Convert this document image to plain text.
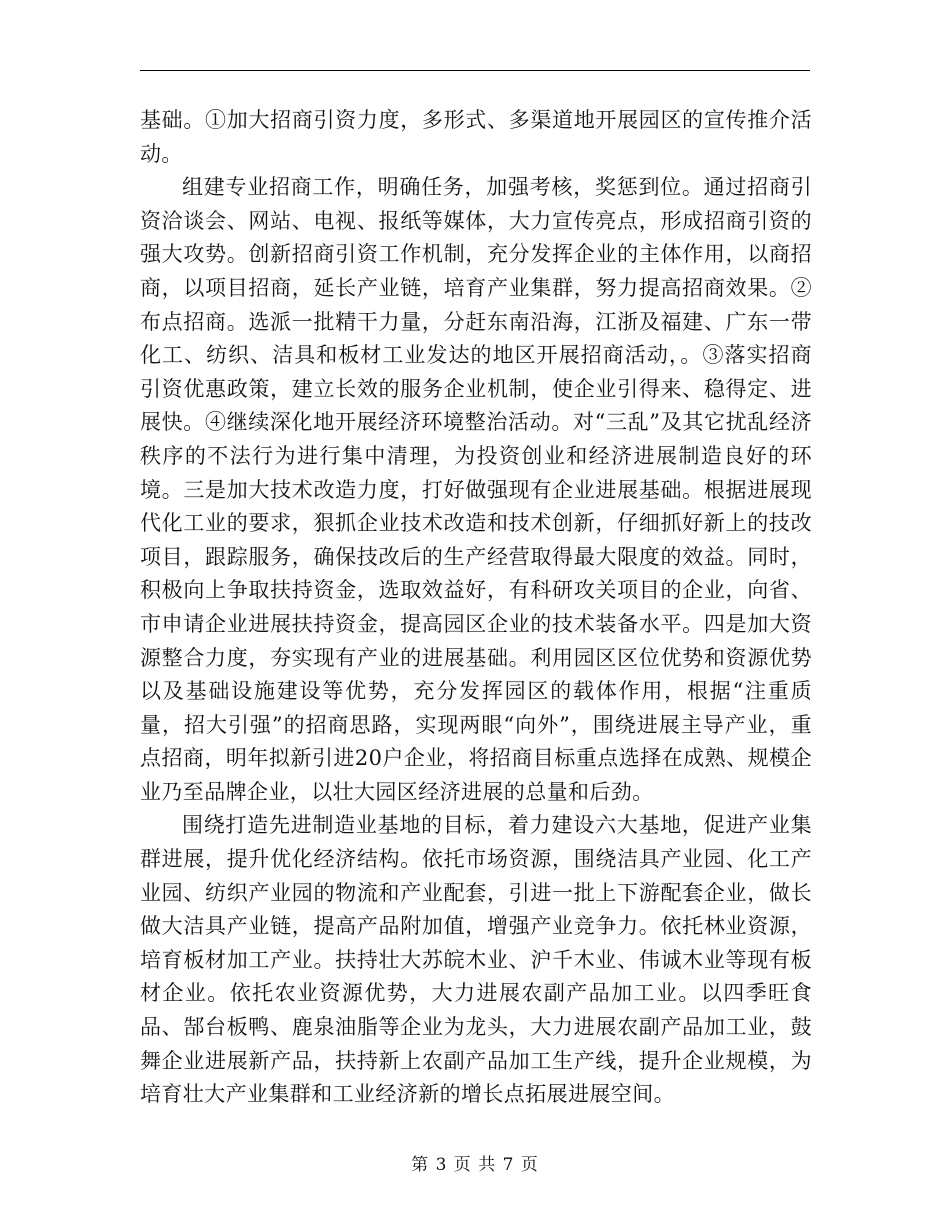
基础。①加大招商引资力度，多形式、多渠道地开展园区的宣传推介活动。

组建专业招商工作，明确任务，加强考核，奖惩到位。通过招商引资洽谈会、网站、电视、报纸等媒体，大力宣传亮点，形成招商引资的强大攻势。创新招商引资工作机制，充分发挥企业的主体作用，以商招商，以项目招商，延长产业链，培育产业集群，努力提高招商效果。②布点招商。选派一批精干力量，分赶东南沿海，江浙及福建、广东一带化工、纺织、洁具和板材工业发达的地区开展招商活动，。③落实招商引资优惠政策，建立长效的服务企业机制，使企业引得来、稳得定、进展快。④继续深化地开展经济环境整治活动。对“三乱”及其它扰乱经济秩序的不法行为进行集中清理，为投资创业和经济进展制造良好的环境。三是加大技术改造力度，打好做强现有企业进展基础。根据进展现代化工业的要求，狠抓企业技术改造和技术创新，仔细抓好新上的技改项目，跟踪服务，确保技改后的生产经营取得最大限度的效益。同时，积极向上争取扶持资金，选取效益好，有科研攻关项目的企业，向省、市申请企业进展扶持资金，提高园区企业的技术装备水平。四是加大资源整合力度，夯实现有产业的进展基础。利用园区区位优势和资源优势以及基础设施建设等优势，充分发挥园区的载体作用，根据“注重质量，招大引强”的招商思路，实现两眼“向外”，围绕进展主导产业，重点招商，明年拟新引进20户企业，将招商目标重点选择在成熟、规模企业乃至品牌企业，以壮大园区经济进展的总量和后劲。

围绕打造先进制造业基地的目标，着力建设六大基地，促进产业集群进展，提升优化经济结构。依托市场资源，围绕洁具产业园、化工产业园、纺织产业园的物流和产业配套，引进一批上下游配套企业，做长做大洁具产业链，提高产品附加值，增强产业竞争力。依托林业资源，培育板材加工产业。扶持壮大苏皖木业、沪千木业、伟诚木业等现有板材企业。依托农业资源优势，大力进展农副产品加工业。以四季旺食品、郜台板鸭、鹿泉油脂等企业为龙头，大力进展农副产品加工业，鼓舞企业进展新产品，扶持新上农副产品加工生产线，提升企业规模，为培育壮大产业集群和工业经济新的增长点拓展进展空间。

第 3 页 共 7 页
